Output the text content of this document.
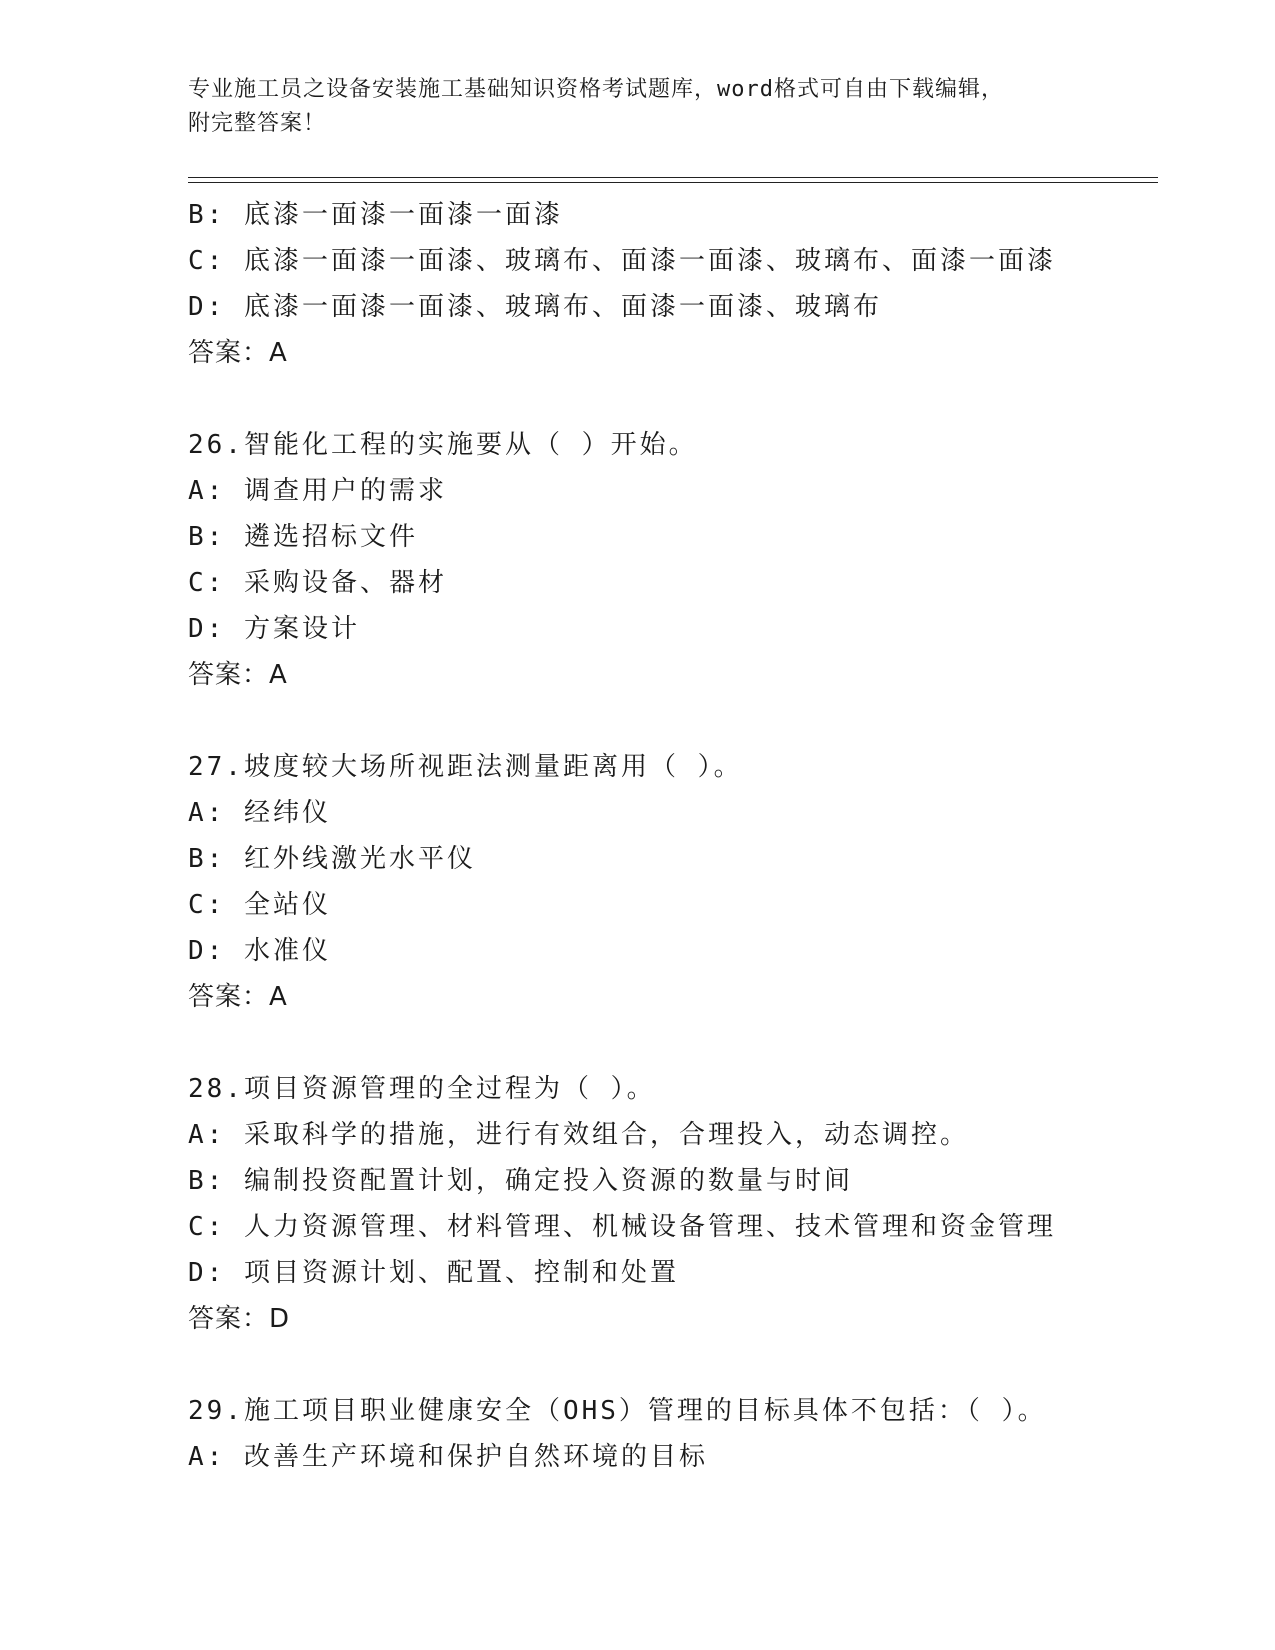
专业施工员之设备安装施工基础知识资格考试题库，word格式可自由下载编辑，
附完整答案！
B: 底漆一面漆一面漆一面漆
C: 底漆一面漆一面漆、玻璃布、面漆一面漆、玻璃布、面漆一面漆
D: 底漆一面漆一面漆、玻璃布、面漆一面漆、玻璃布
答案：A
26.智能化工程的实施要从（ ）开始。
A: 调查用户的需求
B: 遴选招标文件
C: 采购设备、器材
D: 方案设计
答案：A
27.坡度较大场所视距法测量距离用（ ）。
A: 经纬仪
B: 红外线激光水平仪
C: 全站仪
D: 水准仪
答案：A
28.项目资源管理的全过程为（ ）。
A: 采取科学的措施，进行有效组合，合理投入，动态调控。
B: 编制投资配置计划，确定投入资源的数量与时间
C: 人力资源管理、材料管理、机械设备管理、技术管理和资金管理
D: 项目资源计划、配置、控制和处置
答案：D
29.施工项目职业健康安全（OHS）管理的目标具体不包括：（ ）。
A: 改善生产环境和保护自然环境的目标
